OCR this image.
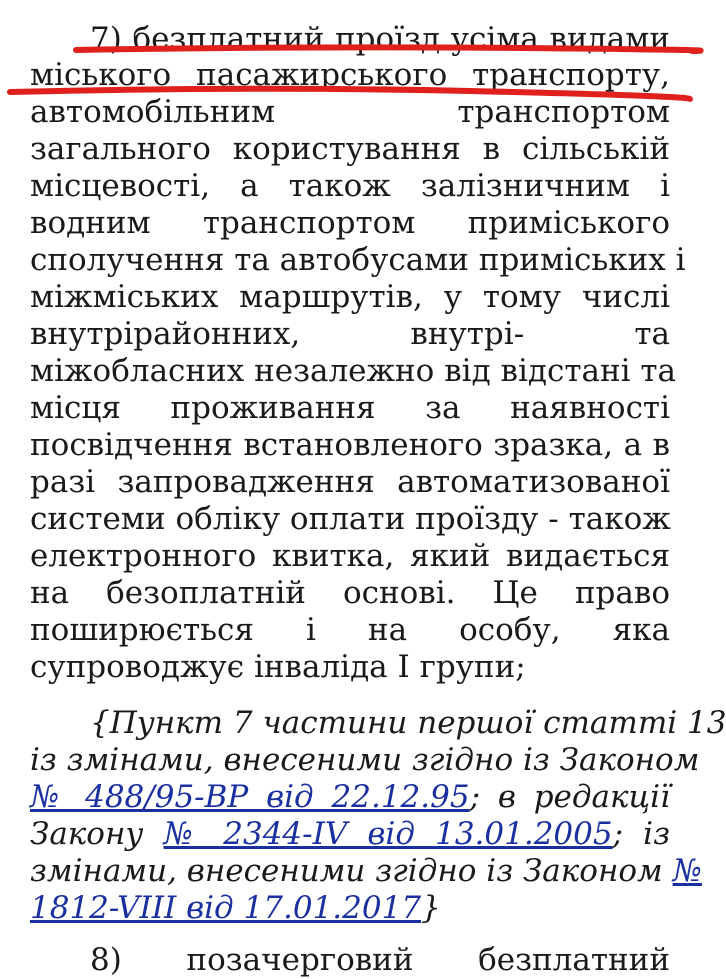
7) безплатний проїзд усіма видами
міського пасажирського транспорту,
автомобільним транспортом
загального користування в сільській
місцевості, а також залізничним і
водним транспортом приміського
сполучення та автобусами приміських і
міжміських маршрутів, у тому числі
внутрірайонних, внутрі- та
міжобласних незалежно від відстані та
місця проживання за наявності
посвідчення встановленого зразка, а в
разі запровадження автоматизованої
системи обліку оплати проїзду - також
електронного квитка, який видається
на безоплатній основі. Це право
поширюється і на особу, яка
супроводжує інваліда I групи;
{Пункт 7 частини першої статті 13
із змінами, внесеними згідно із Законом
№ 488/95-ВР від 22.12.95; в редакції
Закону № 2344-IV від 13.01.2005; із
змінами, внесеними згідно із Законом №
1812-VIII від 17.01.2017}
8) позачерговий безплатний
